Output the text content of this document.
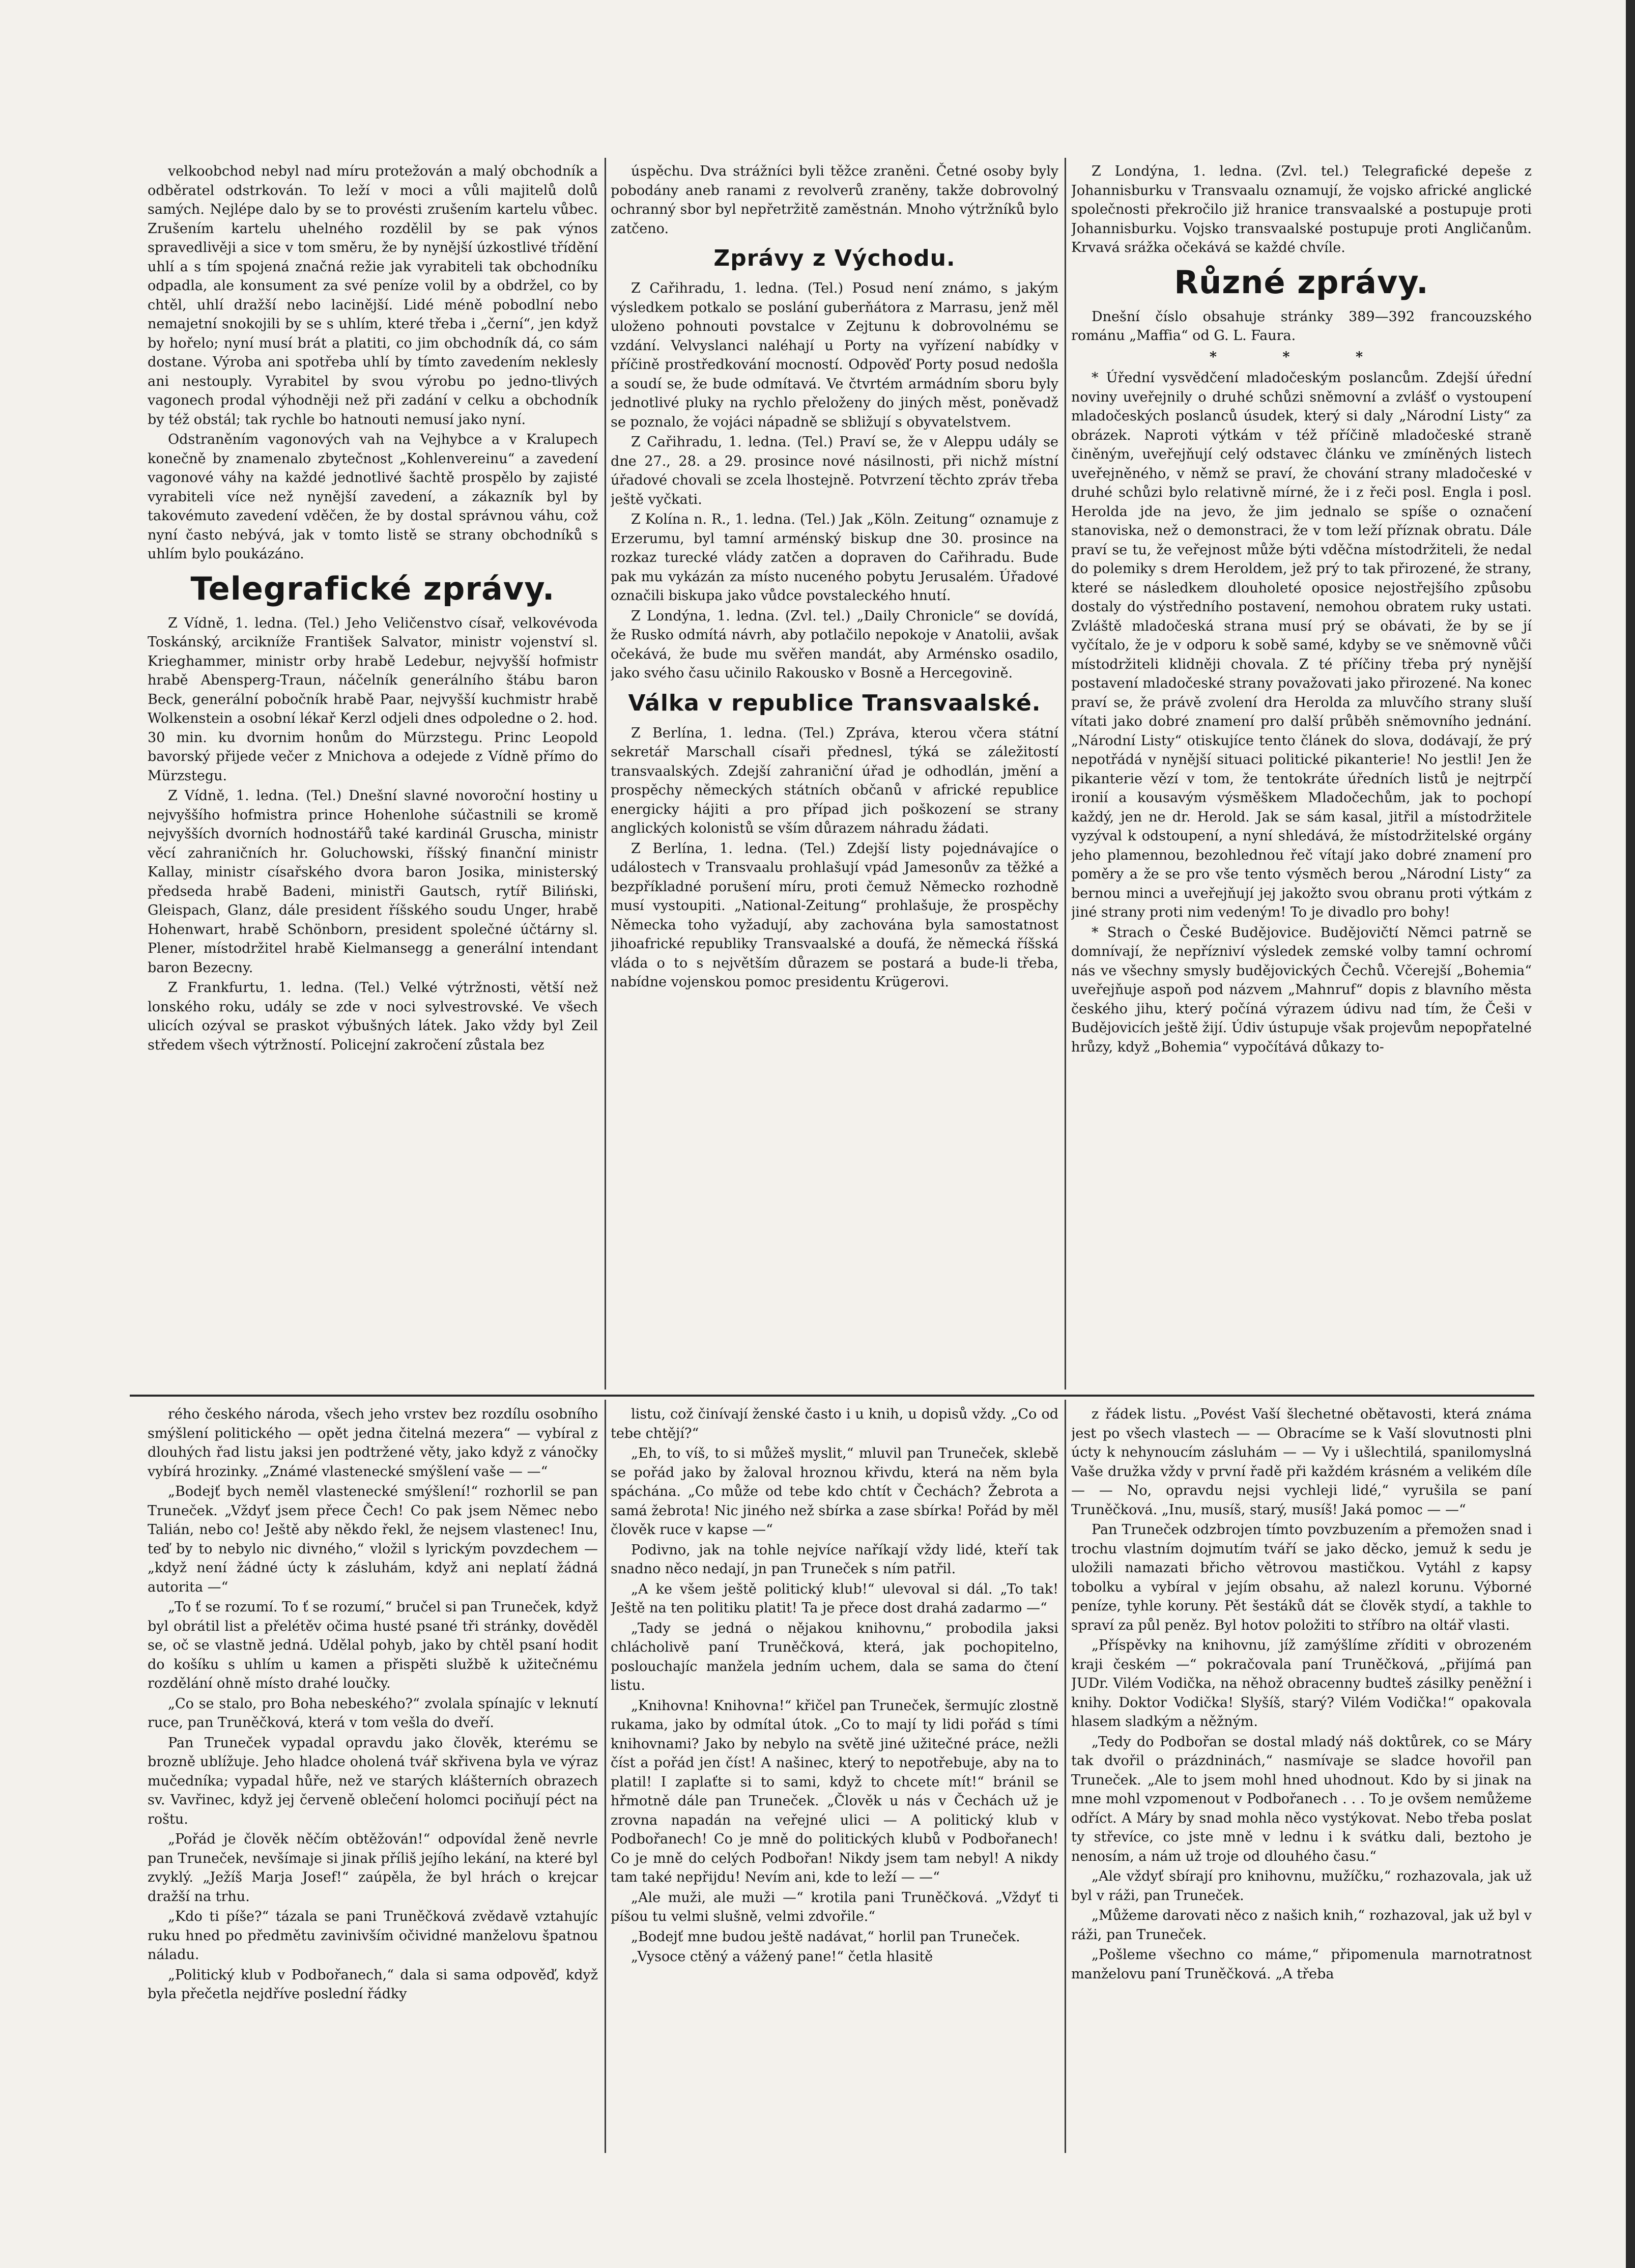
velkoobchod nebyl nad míru protežován a malý obchodník a odběratel odstrkován. To leží v moci a vůli majitelů dolů samých. Nejlépe dalo by se to provésti zrušením kartelu vůbec. Zrušením kartelu uhelného rozdělil by se pak výnos spravedlivěji a sice v tom směru, že by nynější úzkostlivé třídění uhlí a s tím spojená značná režie jak vyrabiteli tak obchodníku odpadla, ale konsument za své peníze volil by a obdržel, co by chtěl, uhlí dražší nebo lacinější. Lidé méně pobodlní nebo nemajetní snokojili by se s uhlím, které třeba i „černí“, jen když by hořelo; nyní musí brát a platiti, co jim obchodník dá, co sám dostane. Výroba ani spotřeba uhlí by tímto zavedením neklesly ani nestouply. Vyrabitel by svou výrobu po jedno-tlivých vagonech prodal výhodněji než při zadání v celku a obchodník by též obstál; tak rychle bo hatnouti nemusí jako nyní.

Odstraněním vagonových vah na Vejhybce a v Kralupech konečně by znamenalo zbytečnost „Kohlenvereinu“ a zavedení vagonové váhy na každé jednotlivé šachtě prospělo by zajisté vyrabiteli více než nynější zavedení, a zákazník byl by takovémuto zavedení vděčen, že by dostal správnou váhu, což nyní často nebývá, jak v tomto listě se strany obchodníků s uhlím bylo poukázáno.

Telegrafické zprávy.

Z Vídně, 1. ledna. (Tel.) Jeho Veličenstvo císař, velkovévoda Toskánský, arcikníže František Salvator, ministr vojenství sl. Krieghammer, ministr orby hrabě Ledebur, nejvyšší hofmistr hrabě Abensperg-Traun, náčelník generálního štábu baron Beck, generální pobočník hrabě Paar, nejvyšší kuchmistr hrabě Wolkenstein a osobní lékař Kerzl odjeli dnes odpoledne o 2. hod. 30 min. ku dvornim honům do Mürzstegu. Princ Leopold bavorský přijede večer z Mnichova a odejede z Vídně přímo do Mürzstegu.

Z Vídně, 1. ledna. (Tel.) Dnešní slavné novoroční hostiny u nejvyššího hofmistra prince Hohenlohe súčastnili se kromě nejvyšších dvorních hodnostářů také kardinál Gruscha, ministr věcí zahraničních hr. Goluchowski, říšský finanční ministr Kallay, ministr císařského dvora baron Josika, ministerský předseda hrabě Badeni, ministři Gautsch, rytíř Biliński, Gleispach, Glanz, dále president říšského soudu Unger, hrabě Hohenwart, hrabě Schönborn, president společné účtárny sl. Plener, místodržitel hrabě Kielmansegg a generální intendant baron Bezecny.

Z Frankfurtu, 1. ledna. (Tel.) Velké výtržnosti, větší než lonského roku, udály se zde v noci sylvestrovské. Ve všech ulicích ozýval se praskot výbušných látek. Jako vždy byl Zeil středem všech výtržností. Policejní zakročení zůstala bez

úspěchu. Dva strážníci byli těžce zraněni. Četné osoby byly pobodány aneb ranami z revolverů zraněny, takže dobrovolný ochranný sbor byl nepřetržitě zaměstnán. Mnoho výtržníků bylo zatčeno.

Zprávy z Východu.

Z Cařihradu, 1. ledna. (Tel.) Posud není známo, s jakým výsledkem potkalo se poslání guberňátora z Marrasu, jenž měl uloženo pohnouti povstalce v Zejtunu k dobrovolnému se vzdání. Velvyslanci naléhají u Porty na vyřízení nabídky v příčině prostředkování mocností. Odpověď Porty posud nedošla a soudí se, že bude odmítavá. Ve čtvrtém armádním sboru byly jednotlivé pluky na rychlo přeloženy do jiných měst, poněvadž se poznalo, že vojáci nápadně se sbližují s obyvatelstvem.

Z Cařihradu, 1. ledna. (Tel.) Praví se, že v Aleppu udály se dne 27., 28. a 29. prosince nové násilnosti, při nichž místní úřadové chovali se zcela lhostejně. Potvrzení těchto zpráv třeba ještě vyčkati.

Z Kolína n. R., 1. ledna. (Tel.) Jak „Köln. Zeitung“ oznamuje z Erzerumu, byl tamní arménský biskup dne 30. prosince na rozkaz turecké vlády zatčen a dopraven do Cařihradu. Bude pak mu vykázán za místo nuceného pobytu Jerusalém. Úřadové označili biskupa jako vůdce povstaleckého hnutí.

Z Londýna, 1. ledna. (Zvl. tel.) „Daily Chronicle“ se dovídá, že Rusko odmítá návrh, aby potlačilo nepokoje v Anatolii, avšak očekává, že bude mu svěřen mandát, aby Arménsko osadilo, jako svého času učinilo Rakousko v Bosně a Hercegovině.

Válka v republice Transvaalské.

Z Berlína, 1. ledna. (Tel.) Zpráva, kterou včera státní sekretář Marschall císaři přednesl, týká se záležitostí transvaalských. Zdejší zahraniční úřad je odhodlán, jmění a prospěchy německých státních občanů v africké republice energicky hájiti a pro případ jich poškození se strany anglických kolonistů se vším důrazem náhradu žádati.

Z Berlína, 1. ledna. (Tel.) Zdejší listy pojednávajíce o událostech v Transvaalu prohlašují vpád Jamesonův za těžké a bezpříkladné porušení míru, proti čemuž Německo rozhodně musí vystoupiti. „National-Zeitung“ prohlašuje, že prospěchy Německa toho vyžadují, aby zachována byla samostatnost jihoafrické republiky Transvaalské a doufá, že německá říšská vláda o to s největším důrazem se postará a bude-li třeba, nabídne vojenskou pomoc presidentu Krügerovi.

Z Londýna, 1. ledna. (Zvl. tel.) Telegrafické depeše z Johannisburku v Transvaalu oznamují, že vojsko africké anglické společnosti překročilo již hranice transvaalské a postupuje proti Johannisburku. Vojsko transvaalské postupuje proti Angličanům. Krvavá srážka očekává se každé chvíle.

Různé zprávy.

Dnešní číslo obsahuje stránky 389—392 francouzského románu „Maffia“ od G. L. Faura.

* * *

* Úřední vysvědčení mladočeským poslancům. Zdejší úřední noviny uveřejnily o druhé schůzi sněmovní a zvlášť o vystoupení mladočeských poslanců úsudek, který si daly „Národní Listy“ za obrázek. Naproti výtkám v též příčině mladočeské straně činěným, uveřejňují celý odstavec článku ve zmíněných listech uveřejněného, v němž se praví, že chování strany mladočeské v druhé schůzi bylo relativně mírné, že i z řeči posl. Engla i posl. Herolda jde na jevo, že jim jednalo se spíše o označení stanoviska, než o demonstraci, že v tom leží příznak obratu. Dále praví se tu, že veřejnost může býti vděčna místodržiteli, že nedal do polemiky s drem Heroldem, jež prý to tak přirozené, že strany, které se následkem dlouholeté oposice nejostřejšího způsobu dostaly do výstředního postavení, nemohou obratem ruky ustati. Zvláště mladočeská strana musí prý se obávati, že by se jí vyčítalo, že je v odporu k sobě samé, kdyby se ve sněmovně vůči místodržiteli klidněji chovala. Z té příčiny třeba prý nynější postavení mladočeské strany považovati jako přirozené. Na konec praví se, že právě zvolení dra Herolda za mluvčího strany sluší vítati jako dobré znamení pro další průběh sněmovního jednání. „Národní Listy“ otiskujíce tento článek do slova, dodávají, že prý nepotřádá v nynější situaci politické pikanterie! No jestli! Jen že pikanterie vězí v tom, že tentokráte úředních listů je nejtrpčí ironií a kousavým výsměškem Mladočechům, jak to pochopí každý, jen ne dr. Herold. Jak se sám kasal, jitřil a místodržitele vyzýval k odstoupení, a nyní shledává, že místodržitelské orgány jeho plamennou, bezohlednou řeč vítají jako dobré znamení pro poměry a že se pro vše tento výsměch berou „Národní Listy“ za bernou minci a uveřejňují jej jakožto svou obranu proti výtkám z jiné strany proti nim vedeným! To je divadlo pro bohy!

* Strach o České Budějovice. Budějovičtí Němci patrně se domnívají, že nepřízniví výsledek zemské volby tamní ochromí nás ve všechny smysly budějovických Čechů. Včerejší „Bohemia“ uveřejňuje aspoň pod názvem „Mahnruf“ dopis z blavního města českého jihu, který počíná výrazem údivu nad tím, že Češi v Budějovicích ještě žijí. Údiv ústupuje však projevům nepopřatelné hrůzy, když „Bohemia“ vypočítává důkazy to-

rého českého národa, všech jeho vrstev bez rozdílu osobního smýšlení politického — opět jedna čitelná mezera“ — vybíral z dlouhých řad listu jaksi jen podtržené věty, jako když z vánočky vybírá hrozinky. „Známé vlastenecké smýšlení vaše — —“

„Bodejť bych neměl vlastenecké smýšlení!“ rozhorlil se pan Truneček. „Vždyť jsem přece Čech! Co pak jsem Němec nebo Talián, nebo co! Ještě aby někdo řekl, že nejsem vlastenec! Inu, teď by to nebylo nic divného,“ vložil s lyrickým povzdechem — „když není žádné úcty k zásluhám, když ani neplatí žádná autorita —“

„To ť se rozumí. To ť se rozumí,“ bručel si pan Truneček, když byl obrátil list a přelétěv očima husté psané tři stránky, dověděl se, oč se vlastně jedná. Udělal pohyb, jako by chtěl psaní hodit do košíku s uhlím u kamen a přispěti službě k užitečnému rozdělání ohně místo drahé loučky.

„Co se stalo, pro Boha nebeského?“ zvolala spínajíc v leknutí ruce, pan Truněčková, která v tom vešla do dveří.

Pan Truneček vypadal opravdu jako člověk, kterému se brozně ublížuje. Jeho hladce oholená tvář skřivena byla ve výraz mučedníka; vypadal hůře, než ve starých klášterních obrazech sv. Vavřinec, když jej červeně oblečení holomci pociňují péct na roštu.

„Pořád je člověk něčím obtěžován!“ odpovídal ženě nevrle pan Truneček, nevšímaje si jinak příliš jejího lekání, na které byl zvyklý. „Ježíš Marja Josef!“ zaúpěla, že byl hrách o krejcar dražší na trhu.

„Kdo ti píše?“ tázala se pani Truněčková zvědavě vztahujíc ruku hned po předmětu zavinivším očividné manželovu špatnou náladu.

„Politický klub v Podbořanech,“ dala si sama odpověď, když byla přečetla nejdříve poslední řádky

listu, což činívají ženské často i u knih, u dopisů vždy. „Co od tebe chtějí?“

„Eh, to víš, to si můžeš myslit,“ mluvil pan Truneček, sklebě se pořád jako by žaloval hroznou křivdu, která na něm byla spáchána. „Co může od tebe kdo chtít v Čechách? Žebrota a samá žebrota! Nic jiného než sbírka a zase sbírka! Pořád by měl člověk ruce v kapse —“

Podivno, jak na tohle nejvíce naříkají vždy lidé, kteří tak snadno něco nedají, jn pan Truneček s ním patřil.

„A ke všem ještě politický klub!“ ulevoval si dál. „To tak! Ještě na ten politiku platit! Ta je přece dost drahá zadarmo —“

„Tady se jedná o nějakou knihovnu,“ probodila jaksi chlácholivě paní Truněčková, která, jak pochopitelno, poslouchajíc manžela jedním uchem, dala se sama do čtení listu.

„Knihovna! Knihovna!“ křičel pan Truneček, šermujíc zlostně rukama, jako by odmítal útok. „Co to mají ty lidi pořád s tími knihovnami? Jako by nebylo na světě jiné užitečné práce, nežli číst a pořád jen číst! A našinec, který to nepotřebuje, aby na to platil! I zaplaťte si to sami, když to chcete mít!“ bránil se hřmotně dále pan Truneček. „Člověk u nás v Čechách už je zrovna napadán na veřejné ulici — A politický klub v Podbořanech! Co je mně do politických klubů v Podbořanech! Co je mně do celých Podbořan! Nikdy jsem tam nebyl! A nikdy tam také nepřijdu! Nevím ani, kde to leží — —“

„Ale muži, ale muži —“ krotila pani Truněčková. „Vždyť ti píšou tu velmi slušně, velmi zdvořile.“

„Bodejť mne budou ještě nadávat,“ horlil pan Truneček.

„Vysoce ctěný a vážený pane!“ četla hlasitě

z řádek listu. „Povést Vaší šlechetné obětavosti, která známa jest po všech vlastech — — Obracíme se k Vaší slovutnosti plni úcty k nehynoucím zásluhám — — Vy i ušlechtilá, spanilomyslná Vaše družka vždy v první řadě při každém krásném a velikém díle — — No, opravdu nejsi vychleji lidé,“ vyrušila se paní Truněčková. „Inu, musíš, starý, musíš! Jaká pomoc — —“

Pan Truneček odzbrojen tímto povzbuzením a přemožen snad i trochu vlastním dojmutím tváří se jako děcko, jemuž k sedu je uložili namazati břicho větrovou mastičkou. Vytáhl z kapsy tobolku a vybíral v jejím obsahu, až nalezl korunu. Výborné peníze, tyhle koruny. Pět šestáků dát se člověk stydí, a takhle to spraví za půl peněz. Byl hotov položiti to stříbro na oltář vlasti.

„Příspěvky na knihovnu, jíž zamýšlíme zříditi v obrozeném kraji českém —“ pokračovala paní Truněčková, „přijímá pan JUDr. Vilém Vodička, na něhož obracenny budteš zásilky peněžní i knihy. Doktor Vodička! Slyšíš, starý? Vilém Vodička!“ opakovala hlasem sladkým a něžným.

„Tedy do Podbořan se dostal mladý náš doktůrek, co se Máry tak dvořil o prázdninách,“ nasmívaje se sladce hovořil pan Truneček. „Ale to jsem mohl hned uhodnout. Kdo by si jinak na mne mohl vzpomenout v Podbořanech . . . To je ovšem nemůžeme odříct. A Máry by snad mohla něco vystýkovat. Nebo třeba poslat ty střevíce, co jste mně v lednu i k svátku dali, beztoho je nenosím, a nám už troje od dlouhého času.“

„Ale vždyť sbírají pro knihovnu, mužíčku,“ rozhazovala, jak už byl v ráži, pan Truneček.

„Můžeme darovati něco z našich knih,“ rozhazoval, jak už byl v ráži, pan Truneček.

„Pošleme všechno co máme,“ připomenula marnotratnost manželovu paní Truněčková. „A třeba
